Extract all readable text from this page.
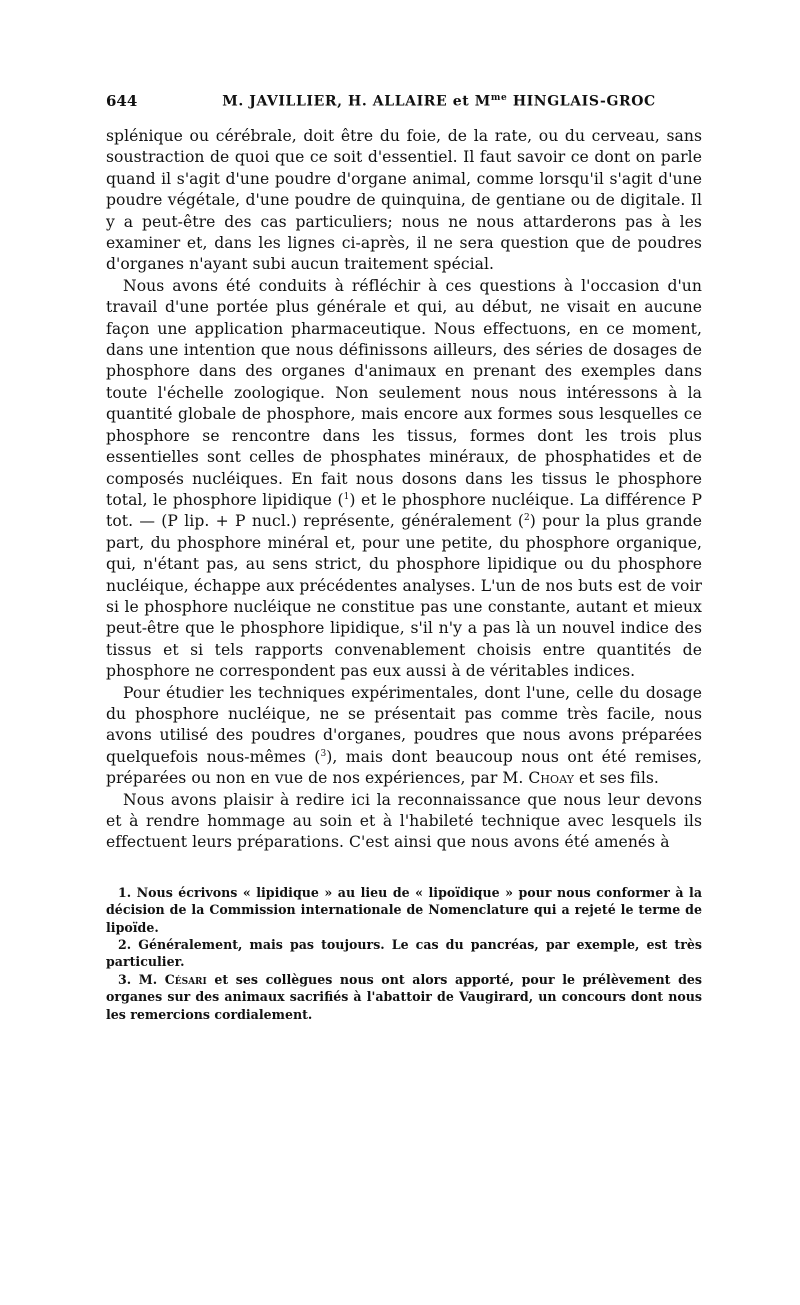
644	M. JAVILLIER, H. ALLAIRE et $M^{me}$ HINGLAIS-GROC

splénique ou cérébrale, doit être du foie, de la rate, ou du cerveau, sans soustraction de quoi que ce soit d'essentiel. Il faut savoir ce dont on parle quand il s'agit d'une poudre d'organe animal, comme lorsqu'il s'agit d'une poudre végétale, d'une poudre de quinquina, de gentiane ou de digitale. Il y a peut-être des cas particuliers; nous ne nous attarderons pas à les examiner et, dans les lignes ci-après, il ne sera question que de poudres d'organes n'ayant subi aucun traitement spécial.

Nous avons été conduits à réfléchir à ces questions à l'occasion d'un travail d'une portée plus générale et qui, au début, ne visait en aucune façon une application pharmaceutique. Nous effectuons, en ce moment, dans une intention que nous définissons ailleurs, des séries de dosages de phosphore dans des organes d'animaux en prenant des exemples dans toute l'échelle zoologique. Non seulement nous nous intéressons à la quantité globale de phosphore, mais encore aux formes sous lesquelles ce phosphore se rencontre dans les tissus, formes dont les trois plus essentielles sont celles de phosphates minéraux, de phosphatides et de composés nucléiques. En fait nous dosons dans les tissus le phosphore total, le phosphore lipidique ($^1$) et le phosphore nucléique. La différence P tot. — (P lip. + P nucl.) représente, généralement ($^2$) pour la plus grande part, du phosphore minéral et, pour une petite, du phosphore organique, qui, n'étant pas, au sens strict, du phosphore lipidique ou du phosphore nucléique, échappe aux précédentes analyses. L'un de nos buts est de voir si le phosphore nucléique ne constitue pas une constante, autant et mieux peut-être que le phosphore lipidique, s'il n'y a pas là un nouvel indice des tissus et si tels rapports convenablement choisis entre quantités de phosphore ne correspondent pas eux aussi à de véritables indices.

Pour étudier les techniques expérimentales, dont l'une, celle du dosage du phosphore nucléique, ne se présentait pas comme très facile, nous avons utilisé des poudres d'organes, poudres que nous avons préparées quelquefois nous-mêmes ($^3$), mais dont beaucoup nous ont été remises, préparées ou non en vue de nos expériences, par M. Choay et ses fils.

Nous avons plaisir à redire ici la reconnaissance que nous leur devons et à rendre hommage au soin et à l'habileté technique avec lesquels ils effectuent leurs préparations. C'est ainsi que nous avons été amenés à

1. Nous écrivons « lipidique » au lieu de « lipoïdique » pour nous conformer à la décision de la Commission internationale de Nomenclature qui a rejeté le terme de lipoïde.

2. Généralement, mais pas toujours. Le cas du pancréas, par exemple, est très particulier.

3. M. Césari et ses collègues nous ont alors apporté, pour le prélèvement des organes sur des animaux sacrifiés à l'abattoir de Vaugirard, un concours dont nous les remercions cordialement.
